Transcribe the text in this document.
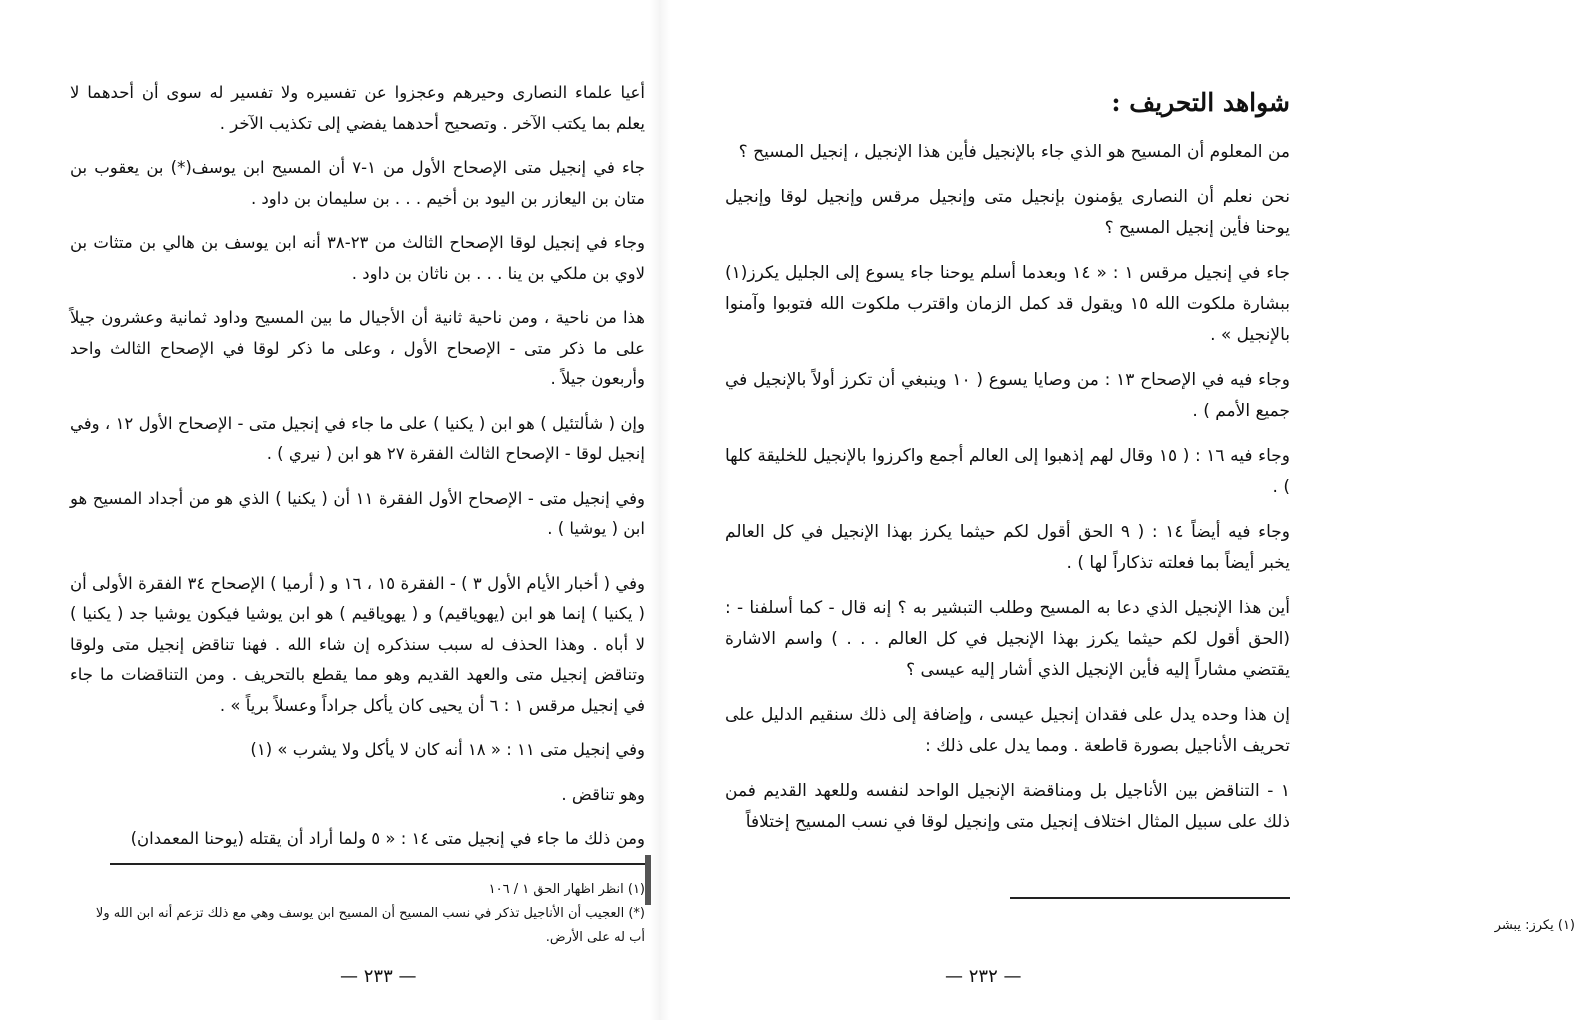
أعيا علماء النصارى وحيرهم وعجزوا عن تفسيره ولا تفسير له سوى أن أحدهما لا يعلم بما يكتب الآخر . وتصحيح أحدهما يفضي إلى تكذيب الآخر .

جاء في إنجيل متى الإصحاح الأول من ١-٧ أن المسيح ابن يوسف(*) بن يعقوب بن متان بن اليعازر بن اليود بن أخيم . . . بن سليمان بن داود .

وجاء في إنجيل لوقا الإصحاح الثالث من ٢٣-٣٨ أنه ابن يوسف بن هالي بن متثات بن لاوي بن ملكي بن ينا . . . بن ناثان بن داود .

هذا من ناحية ، ومن ناحية ثانية أن الأجيال ما بين المسيح وداود ثمانية وعشرون جيلاً على ما ذكر متى - الإصحاح الأول ، وعلى ما ذكر لوقا في الإصحاح الثالث واحد وأربعون جيلاً .

وإن ( شألتئيل ) هو ابن ( يكنيا ) على ما جاء في إنجيل متى - الإصحاح الأول ١٢ ، وفي إنجيل لوقا - الإصحاح الثالث الفقرة ٢٧ هو ابن ( نيري ) .

وفي إنجيل متى - الإصحاح الأول الفقرة ١١ أن ( يكنيا ) الذي هو من أجداد المسيح هو ابن ( يوشيا ) .

وفي ( أخبار الأيام الأول ٣ ) - الفقرة ١٥ ، ١٦ و ( أرميا ) الإصحاح ٣٤ الفقرة الأولى أن ( يكنيا ) إنما هو ابن (يهوياقيم) و ( يهوياقيم ) هو ابن يوشيا فيكون يوشيا جد ( يكنيا ) لا أباه . وهذا الحذف له سبب سنذكره إن شاء الله . فهنا تناقض إنجيل متى ولوقا وتناقض إنجيل متى والعهد القديم وهو مما يقطع بالتحريف . ومن التناقضات ما جاء في إنجيل مرقس ١ : ٦ أن يحيى كان يأكل جراداً وعسلاً برياً » .

وفي إنجيل متى ١١ : « ١٨ أنه كان لا يأكل ولا يشرب » (١)

وهو تناقض .

ومن ذلك ما جاء في إنجيل متى ١٤ : « ٥ ولما أراد أن يقتله (يوحنا المعمدان)

(١) انظر اظهار الحق ١ / ١٠٦
(*) العجيب أن الأناجيل تذكر في نسب المسيح أن المسيح ابن يوسف وهي مع ذلك تزعم أنه ابن الله ولا أب له على الأرض.
— ٢٣٣ —
شواهد التحريف :

من المعلوم أن المسيح هو الذي جاء بالإنجيل فأين هذا الإنجيل ، إنجيل المسيح ؟

نحن نعلم أن النصارى يؤمنون بإنجيل متى وإنجيل مرقس وإنجيل لوقا وإنجيل يوحنا فأين إنجيل المسيح ؟

جاء في إنجيل مرقس ١ : « ١٤ وبعدما أسلم يوحنا جاء يسوع إلى الجليل يكرز(١) ببشارة ملكوت الله ١٥ ويقول قد كمل الزمان واقترب ملكوت الله فتوبوا وآمنوا بالإنجيل » .

وجاء فيه في الإصحاح ١٣ : من وصايا يسوع ( ١٠ وينبغي أن تكرز أولاً بالإنجيل في جميع الأمم ) .

وجاء فيه ١٦ : ( ١٥ وقال لهم إذهبوا إلى العالم أجمع واكرزوا بالإنجيل للخليقة كلها ) .

وجاء فيه أيضاً ١٤ : ( ٩ الحق أقول لكم حيثما يكرز بهذا الإنجيل في كل العالم يخبر أيضاً بما فعلته تذكاراً لها ) .

أين هذا الإنجيل الذي دعا به المسيح وطلب التبشير به ؟ إنه قال - كما أسلفنا - :(الحق أقول لكم حيثما يكرز بهذا الإنجيل في كل العالم . . . ) واسم الاشارة يقتضي مشاراً إليه فأين الإنجيل الذي أشار إليه عيسى ؟

إن هذا وحده يدل على فقدان إنجيل عيسى ، وإضافة إلى ذلك سنقيم الدليل على تحريف الأناجيل بصورة قاطعة . ومما يدل على ذلك :

١ - التناقض بين الأناجيل بل ومناقضة الإنجيل الواحد لنفسه وللعهد القديم فمن ذلك على سبيل المثال اختلاف إنجيل متى وإنجيل لوقا في نسب المسيح إختلافاً

(١) يكرز: يبشر
— ٢٣٢ —
